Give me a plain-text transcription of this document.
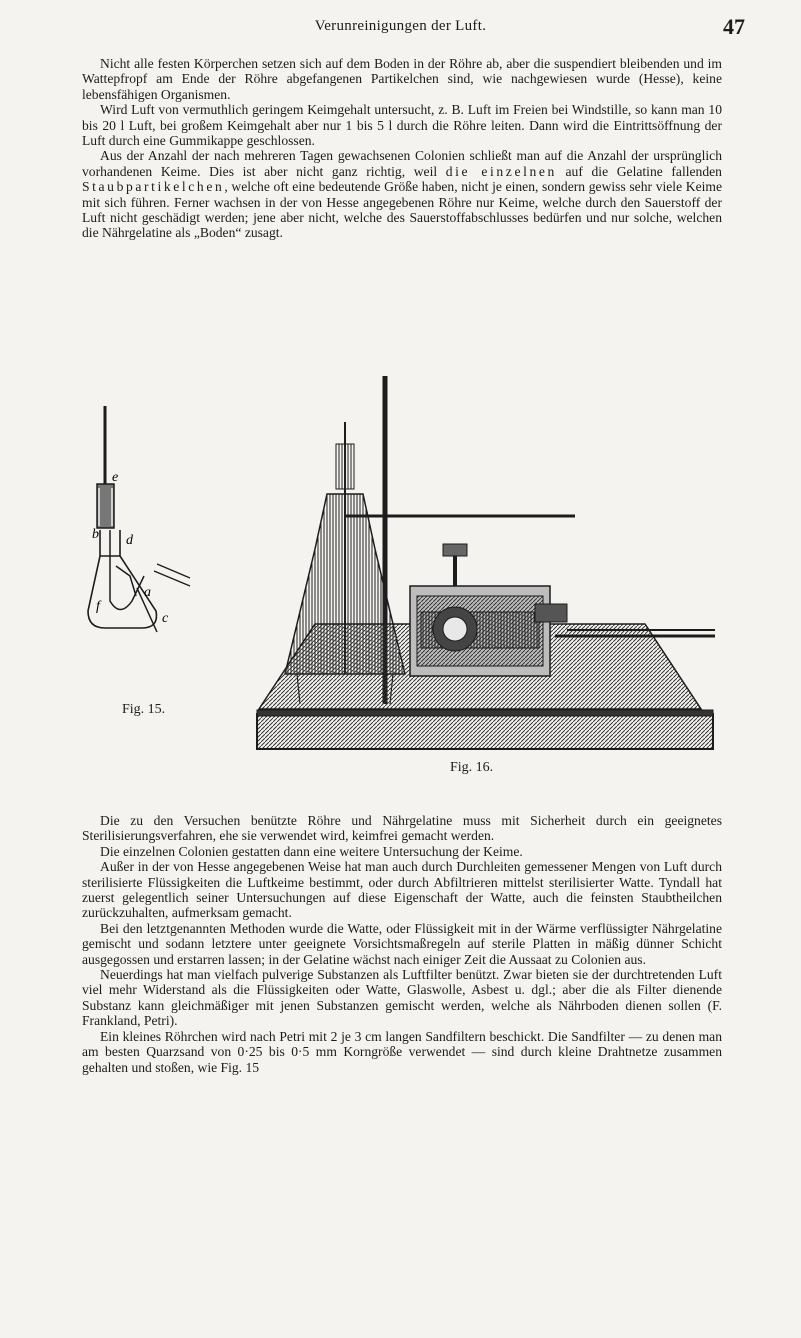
Verunreinigungen der Luft.	47

Nicht alle festen Körperchen setzen sich auf dem Boden in der Röhre ab, aber die suspendiert bleibenden und im Wattepfropf am Ende der Röhre abgefangenen Partikelchen sind, wie nachgewiesen wurde (Hesse), keine lebensfähigen Organismen.

Wird Luft von vermuthlich geringem Keimgehalt untersucht, z. B. Luft im Freien bei Windstille, so kann man 10 bis 20 l Luft, bei großem Keimgehalt aber nur 1 bis 5 l durch die Röhre leiten. Dann wird die Eintrittsöffnung der Luft durch eine Gummikappe geschlossen.

Aus der Anzahl der nach mehreren Tagen gewachsenen Colonien schließt man auf die Anzahl der ursprünglich vorhandenen Keime. Dies ist aber nicht ganz richtig, weil die einzelnen auf die Gelatine fallenden Staubpartikelchen, welche oft eine bedeutende Größe haben, nicht je einen, sondern gewiss sehr viele Keime mit sich führen. Ferner wachsen in der von Hesse angegebenen Röhre nur Keime, welche durch den Sauerstoff der Luft nicht geschädigt werden; jene aber nicht, welche des Sauerstoffabschlusses bedürfen und nur solche, welchen die Nährgelatine als „Boden“ zusagt.

e
b d
a
f
c
Fig. 15.
Fig. 16.

Die zu den Versuchen benützte Röhre und Nährgelatine muss mit Sicherheit durch ein geeignetes Sterilisierungsverfahren, ehe sie verwendet wird, keimfrei gemacht werden.

Die einzelnen Colonien gestatten dann eine weitere Untersuchung der Keime.

Außer in der von Hesse angegebenen Weise hat man auch durch Durchleiten gemessener Mengen von Luft durch sterilisierte Flüssigkeiten die Luftkeime bestimmt, oder durch Abfiltrieren mittelst sterilisierter Watte. Tyndall hat zuerst gelegentlich seiner Untersuchungen auf diese Eigenschaft der Watte, auch die feinsten Staubtheilchen zurückzuhalten, aufmerksam gemacht.

Bei den letztgenannten Methoden wurde die Watte, oder Flüssigkeit mit in der Wärme verflüssigter Nährgelatine gemischt und sodann letztere unter geeignete Vorsichtsmaßregeln auf sterile Platten in mäßig dünner Schicht ausgegossen und erstarren lassen; in der Gelatine wächst nach einiger Zeit die Aussaat zu Colonien aus.

Neuerdings hat man vielfach pulverige Substanzen als Luftfilter benützt. Zwar bieten sie der durchtretenden Luft viel mehr Widerstand als die Flüssigkeiten oder Watte, Glaswolle, Asbest u. dgl.; aber die als Filter dienende Substanz kann gleichmäßiger mit jenen Substanzen gemischt werden, welche als Nährboden dienen sollen (F. Frankland, Petri).

Ein kleines Röhrchen wird nach Petri mit 2 je 3 cm langen Sandfiltern beschickt. Die Sandfilter — zu denen man am besten Quarzsand von 0·25 bis 0·5 mm Korngröße verwendet — sind durch kleine Drahtnetze zusammen gehalten und stoßen, wie Fig. 15
